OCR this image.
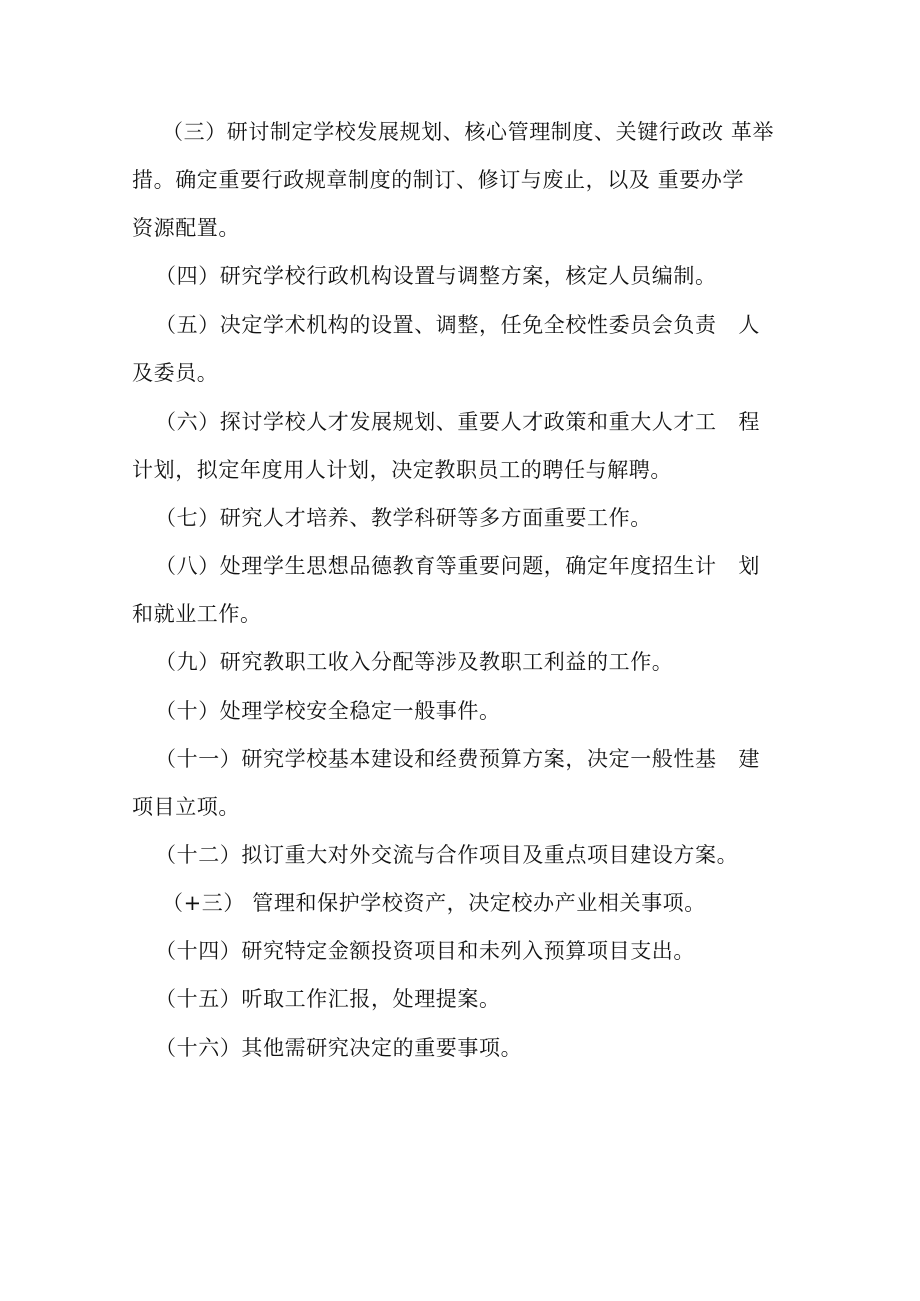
（三）研讨制定学校发展规划、核心管理制度、关键行政改 革举
措。确定重要行政规章制度的制订、修订与废止，以及 重要办学
资源配置。
（四）研究学校行政机构设置与调整方案，核定人员编制。
（五）决定学术机构的设置、调整，任免全校性委员会负责   人
及委员。
（六）探讨学校人才发展规划、重要人才政策和重大人才工   程
计划，拟定年度用人计划，决定教职员工的聘任与解聘。
（七）研究人才培养、教学科研等多方面重要工作。
（八）处理学生思想品德教育等重要问题，确定年度招生计   划
和就业工作。
（九）研究教职工收入分配等涉及教职工利益的工作。
（十）处理学校安全稳定一般事件。
（十一）研究学校基本建设和经费预算方案，决定一般性基   建
项目立项。
（十二）拟订重大对外交流与合作项目及重点项目建设方案。
（+三） 管理和保护学校资产，决定校办产业相关事项。
（十四）研究特定金额投资项目和未列入预算项目支出。
（十五）听取工作汇报，处理提案。
（十六）其他需研究决定的重要事项。
